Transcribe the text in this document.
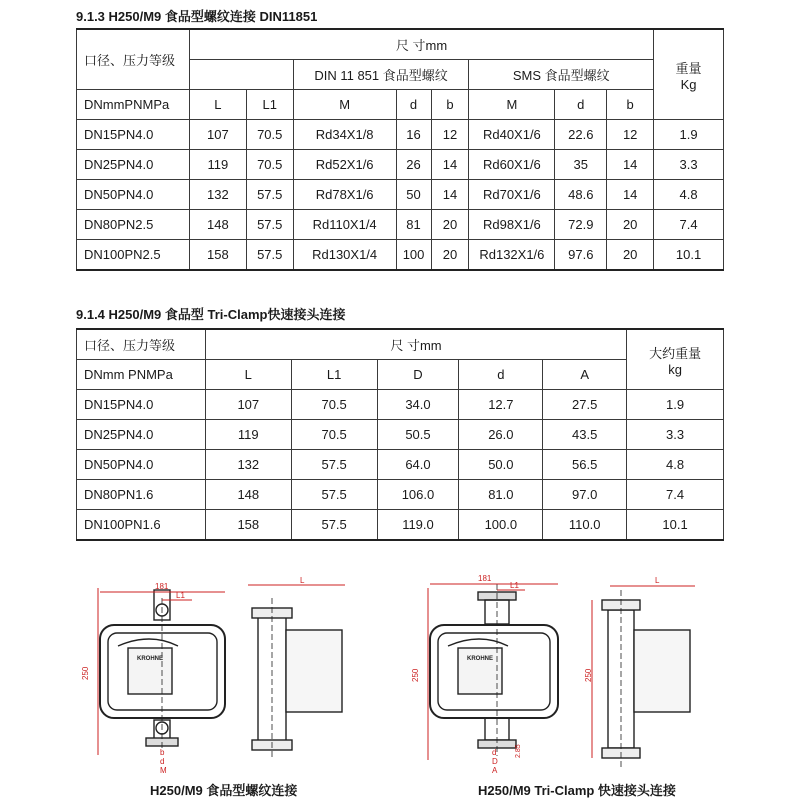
9.1.3 H250/M9 食品型螺纹连接 DIN11851
口径、压力等级	尺 寸mm								重量
Kg

			DIN 11 851 食品型螺纹			SMS 食品型螺纹			
DNmmPNMPa	L	L1	M	d	b	M	d	b	
DN15PN4.0	107	70.5	Rd34X1/8	16	12	Rd40X1/6	22.6	12	1.9
DN25PN4.0	119	70.5	Rd52X1/6	26	14	Rd60X1/6	35	14	3.3
DN50PN4.0	132	57.5	Rd78X1/6	50	14	Rd70X1/6	48.6	14	4.8
DN80PN2.5	148	57.5	Rd110X1/4	81	20	Rd98X1/6	72.9	20	7.4
DN100PN2.5	158	57.5	Rd130X1/4	100	20	Rd132X1/6	97.6	20	10.1
9.1.4 H250/M9 食品型 Tri-Clamp快速接头连接
口径、压力等级	尺 寸mm					大约重量
kg

DNmm PNMPa	L	L1	D	d	A	
DN15PN4.0	107	70.5	34.0	12.7	27.5	1.9
DN25PN4.0	119	70.5	50.5	26.0	43.5	3.3
DN50PN4.0	132	57.5	64.0	50.0	56.5	4.8
DN80PN1.6	148	57.5	106.0	81.0	97.0	7.4
DN100PN1.6	158	57.5	119.0	100.0	110.0	10.1
181
L1
L
250
b
d
M
181
L1
L
250	250
d
D
A
2.85
KROHNE	KROHNE
H250/M9 食品型螺纹连接	H250/M9 Tri-Clamp 快速接头连接
